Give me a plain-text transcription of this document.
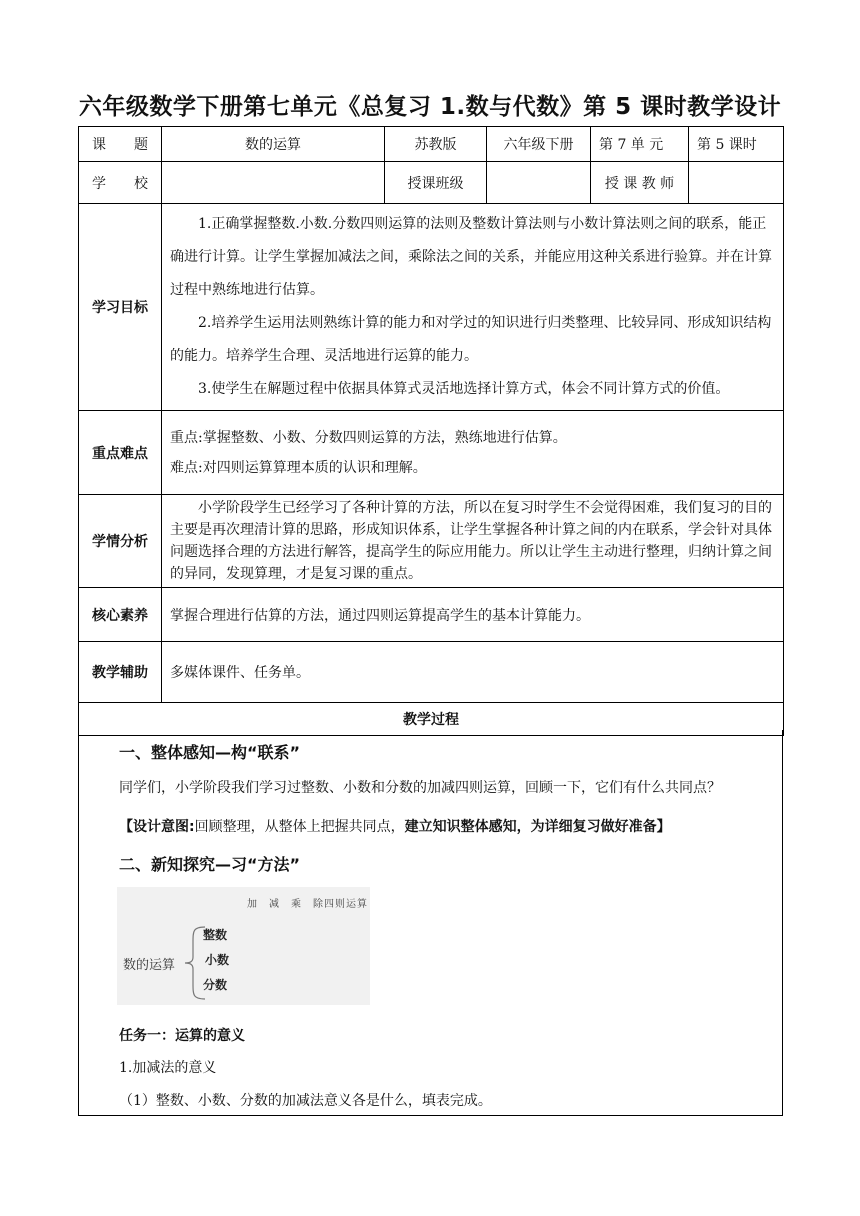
六年级数学下册第七单元《总复习 1.数与代数》第 5 课时教学设计
课　　题	数的运算	苏教版	六年级下册	第 7 单 元	第 5 课时
学　　校		授课班级		授 课 教 师	
学习目标	1.正确掌握整数.小数.分数四则运算的法则及整数计算法则与小数计算法则之间的联系，能正确进行计算。让学生掌握加减法之间，乘除法之间的关系，并能应用这种关系进行验算。并在计算过程中熟练地进行估算。

2.培养学生运用法则熟练计算的能力和对学过的知识进行归类整理、比较异同、形成知识结构的能力。培养学生合理、灵活地进行运算的能力。

3.使学生在解题过程中依据具体算式灵活地选择计算方式，体会不同计算方式的价值。				

重点难点	重点:掌握整数、小数、分数四则运算的方法，熟练地进行估算。

难点:对四则运算算理本质的认识和理解。				

学情分析	小学阶段学生已经学习了各种计算的方法，所以在复习时学生不会觉得困难，我们复习的目的主要是再次理清计算的思路，形成知识体系，让学生掌握各种计算之间的内在联系，学会针对具体问题选择合理的方法进行解答，提高学生的际应用能力。所以让学生主动进行整理，归纳计算之间的异同，发现算理，才是复习课的重点。				

核心素养	掌握合理进行估算的方法，通过四则运算提高学生的基本计算能力。				
教学辅助	多媒体课件、任务单。				
教学过程					
一、整体感知—构“联系”
同学们，小学阶段我们学习过整数、小数和分数的加减四则运算，回顾一下，它们有什么共同点？
【设计意图:回顾整理，从整体上把握共同点，建立知识整体感知，为详细复习做好准备】
二、新知探究—习“方法”
加　减　乘　除四则运算
数的运算
整数
小数
分数
任务一：运算的意义
1.加减法的意义
（1）整数、小数、分数的加减法意义各是什么，填表完成。
